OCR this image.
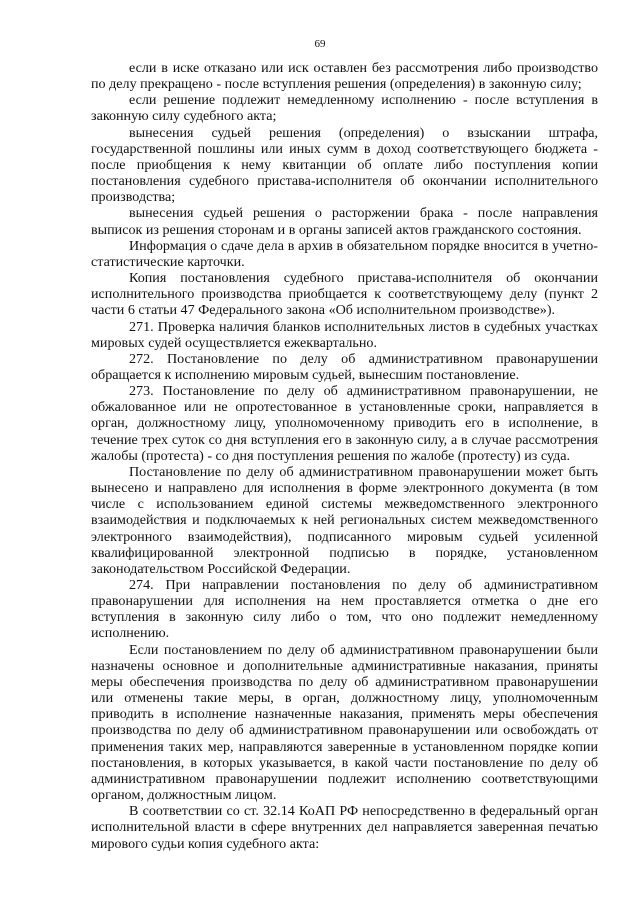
69

если в иске отказано или иск оставлен без рассмотрения либо производство по делу прекращено - после вступления решения (определения) в законную силу;

если решение подлежит немедленному исполнению - после вступления в законную силу судебного акта;

вынесения судьей решения (определения) о взыскании штрафа, государственной пошлины или иных сумм в доход соответствующего бюджета - после приобщения к нему квитанции об оплате либо поступления копии постановления судебного пристава-исполнителя об окончании исполнительного производства;

вынесения судьей решения о расторжении брака - после направления выписок из решения сторонам и в органы записей актов гражданского состояния.

Информация о сдаче дела в архив в обязательном порядке вносится в учетно-статистические карточки.

Копия постановления судебного пристава-исполнителя об окончании исполнительного производства приобщается к соответствующему делу (пункт 2 части 6 статьи 47 Федерального закона «Об исполнительном производстве»).

271. Проверка наличия бланков исполнительных листов в судебных участках мировых судей осуществляется ежеквартально.

272. Постановление по делу об административном правонарушении обращается к исполнению мировым судьей, вынесшим постановление.

273. Постановление по делу об административном правонарушении, не обжалованное или не опротестованное в установленные сроки, направляется в орган, должностному лицу, уполномоченному приводить его в исполнение, в течение трех суток со дня вступления его в законную силу, а в случае рассмотрения жалобы (протеста) - со дня поступления решения по жалобе (протесту) из суда.

Постановление по делу об административном правонарушении может быть вынесено и направлено для исполнения в форме электронного документа (в том числе с использованием единой системы межведомственного электронного взаимодействия и подключаемых к ней региональных систем межведомственного электронного взаимодействия), подписанного мировым судьей усиленной квалифицированной электронной подписью в порядке, установленном законодательством Российской Федерации.

274. При направлении постановления по делу об административном правонарушении для исполнения на нем проставляется отметка о дне его вступления в законную силу либо о том, что оно подлежит немедленному исполнению.

Если постановлением по делу об административном правонарушении были назначены основное и дополнительные административные наказания, приняты меры обеспечения производства по делу об административном правонарушении или отменены такие меры, в орган, должностному лицу, уполномоченным приводить в исполнение назначенные наказания, применять меры обеспечения производства по делу об административном правонарушении или освобождать от применения таких мер, направляются заверенные в установленном порядке копии постановления, в которых указывается, в какой части постановление по делу об административном правонарушении подлежит исполнению соответствующими органом, должностным лицом.

В соответствии со ст. 32.14 КоАП РФ непосредственно в федеральный орган исполнительной власти в сфере внутренних дел направляется заверенная печатью мирового судьи копия судебного акта:
